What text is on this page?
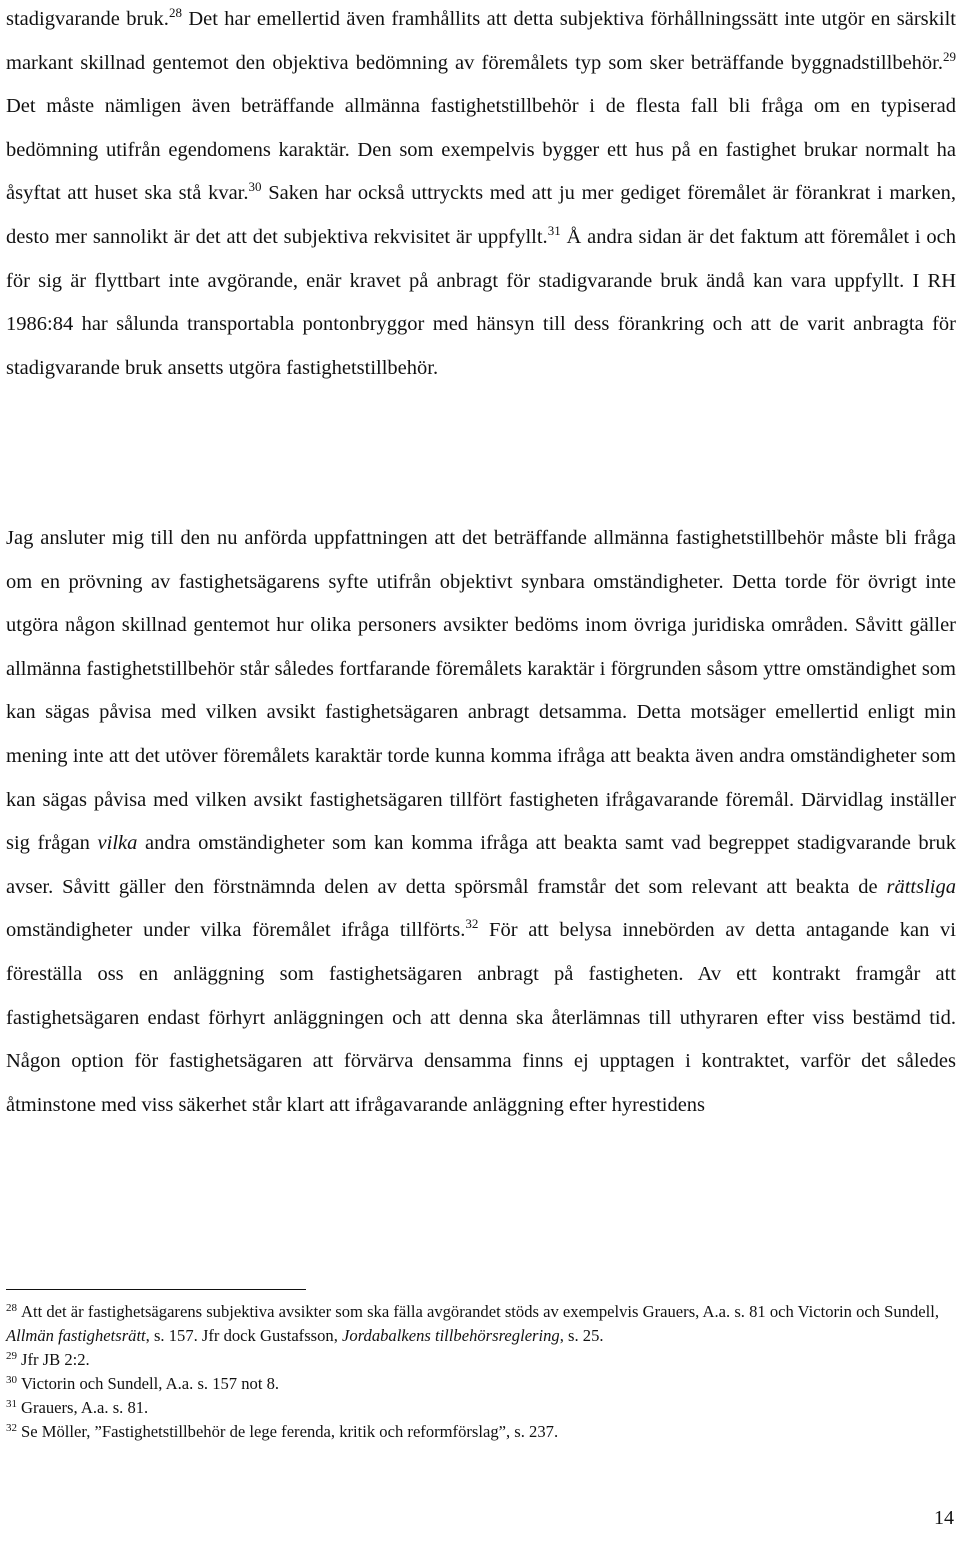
stadigvarande bruk.$^{28}$ Det har emellertid även framhållits att detta subjektiva förhållningssätt inte utgör en särskilt markant skillnad gentemot den objektiva bedömning av föremålets typ som sker beträffande byggnadstillbehör.$^{29}$ Det måste nämligen även beträffande allmänna fastighetstillbehör i de flesta fall bli fråga om en typiserad bedömning utifrån egendomens karaktär. Den som exempelvis bygger ett hus på en fastighet brukar normalt ha åsyftat att huset ska stå kvar.$^{30}$ Saken har också uttryckts med att ju mer gediget föremålet är förankrat i marken, desto mer sannolikt är det att det subjektiva rekvisitet är uppfyllt.$^{31}$ Å andra sidan är det faktum att föremålet i och för sig är flyttbart inte avgörande, enär kravet på anbragt för stadigvarande bruk ändå kan vara uppfyllt. I RH 1986:84 har sålunda transportabla pontonbryggor med hänsyn till dess förankring och att de varit anbragta för stadigvarande bruk ansetts utgöra fastighetstillbehör.

Jag ansluter mig till den nu anförda uppfattningen att det beträffande allmänna fastighetstillbehör måste bli fråga om en prövning av fastighetsägarens syfte utifrån objektivt synbara omständigheter. Detta torde för övrigt inte utgöra någon skillnad gentemot hur olika personers avsikter bedöms inom övriga juridiska områden. Såvitt gäller allmänna fastighetstillbehör står således fortfarande föremålets karaktär i förgrunden såsom yttre omständighet som kan sägas påvisa med vilken avsikt fastighetsägaren anbragt detsamma. Detta motsäger emellertid enligt min mening inte att det utöver föremålets karaktär torde kunna komma ifråga att beakta även andra omständigheter som kan sägas påvisa med vilken avsikt fastighetsägaren tillfört fastigheten ifrågavarande föremål. Därvidlag inställer sig frågan vilka andra omständigheter som kan komma ifråga att beakta samt vad begreppet stadigvarande bruk avser. Såvitt gäller den förstnämnda delen av detta spörsmål framstår det som relevant att beakta de rättsliga omständigheter under vilka föremålet ifråga tillförts.$^{32}$ För att belysa innebörden av detta antagande kan vi föreställa oss en anläggning som fastighetsägaren anbragt på fastigheten. Av ett kontrakt framgår att fastighetsägaren endast förhyrt anläggningen och att denna ska återlämnas till uthyraren efter viss bestämd tid. Någon option för fastighetsägaren att förvärva densamma finns ej upptagen i kontraktet, varför det således åtminstone med viss säkerhet står klart att ifrågavarande anläggning efter hyrestidens

$^{28}$ Att det är fastighetsägarens subjektiva avsikter som ska fälla avgörandet stöds av exempelvis Grauers, A.a. s. 81 och Victorin och Sundell, Allmän fastighetsrätt, s. 157. Jfr dock Gustafsson, Jordabalkens tillbehörsreglering, s. 25.

$^{29}$ Jfr JB 2:2.

$^{30}$ Victorin och Sundell, A.a. s. 157 not 8.

$^{31}$ Grauers, A.a. s. 81.

$^{32}$ Se Möller, ”Fastighetstillbehör de lege ferenda, kritik och reformförslag”, s. 237.

14
